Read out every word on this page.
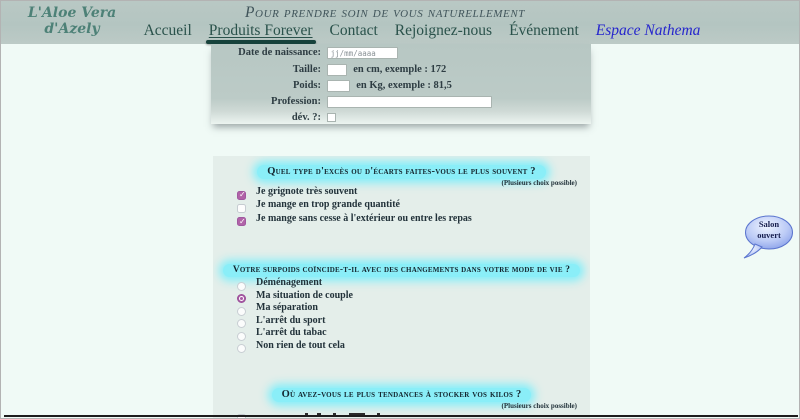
L'Aloe Vera
d'Azely
Pour prendre soin de vous naturellement
Accueil Produits Forever Contact Rejoignez-nous Événement Espace Nathema
Date de naissance: jj/mm/aaaa
Taille:	en cm, exemple : 172
Poids:	en Kg, exemple : 81,5
Profession:
dév. ?:
Quel type d'excès ou d'écarts faites-vous le plus souvent ?
(Plusieurs choix possible)
✓ $^{Je grignote très souvent}$
$^{Je mange en trop grande quantité}$
✓ $^{Je mange sans cesse à l'extérieur ou entre les repas}$
Votre surpoids coïncide-t-il avec des changements dans votre mode de vie ?
$^{Déménagement}$
$^{Ma situation de couple}$
$^{Ma séparation}$
$^{L'arrêt du sport}$
$^{L'arrêt du tabac}$
$^{Non rien de tout cela}$
Où avez-vous le plus tendances à stocker vos kilos ?
(Plusieurs choix possible)
Salon
ouvert
